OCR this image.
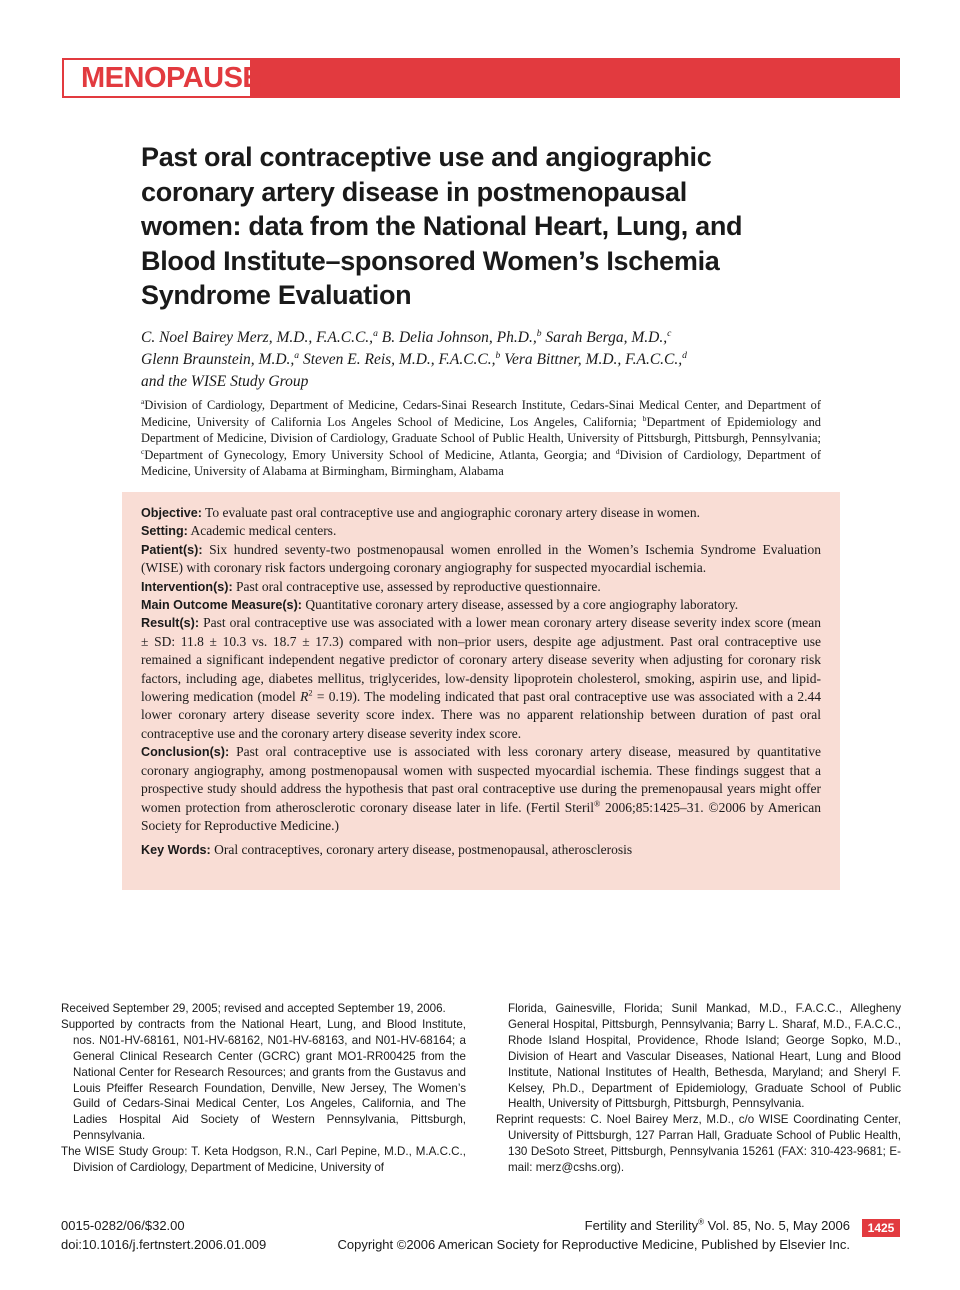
MENOPAUSE
Past oral contraceptive use and angiographic coronary artery disease in postmenopausal women: data from the National Heart, Lung, and Blood Institute–sponsored Women’s Ischemia Syndrome Evaluation
C. Noel Bairey Merz, M.D., F.A.C.C.,$^a$ B. Delia Johnson, Ph.D.,$^b$ Sarah Berga, M.D.,$^c$
Glenn Braunstein, M.D.,$^a$ Steven E. Reis, M.D., F.A.C.C.,$^b$ Vera Bittner, M.D., F.A.C.C.,$^d$
and the WISE Study Group
$^a$Division of Cardiology, Department of Medicine, Cedars-Sinai Research Institute, Cedars-Sinai Medical Center, and Department of Medicine, University of California Los Angeles School of Medicine, Los Angeles, California; $^b$Department of Epidemiology and Department of Medicine, Division of Cardiology, Graduate School of Public Health, University of Pittsburgh, Pittsburgh, Pennsylvania; $^c$Department of Gynecology, Emory University School of Medicine, Atlanta, Georgia; and $^d$Division of Cardiology, Department of Medicine, University of Alabama at Birmingham, Birmingham, Alabama

Objective: To evaluate past oral contraceptive use and angiographic coronary artery disease in women.

Setting: Academic medical centers.

Patient(s): Six hundred seventy-two postmenopausal women enrolled in the Women’s Ischemia Syndrome Evaluation (WISE) with coronary risk factors undergoing coronary angiography for suspected myocardial ischemia.

Intervention(s): Past oral contraceptive use, assessed by reproductive questionnaire.

Main Outcome Measure(s): Quantitative coronary artery disease, assessed by a core angiography laboratory.

Result(s): Past oral contraceptive use was associated with a lower mean coronary artery disease severity index score (mean ± SD: 11.8 ± 10.3 vs. 18.7 ± 17.3) compared with non–prior users, despite age adjustment. Past oral contraceptive use remained a significant independent negative predictor of coronary artery disease severity when adjusting for coronary risk factors, including age, diabetes mellitus, triglycerides, low-density lipoprotein cholesterol, smoking, aspirin use, and lipid-lowering medication (model $R^2 = 0.19$). The modeling indicated that past oral contraceptive use was associated with a 2.44 lower coronary artery disease severity score index. There was no apparent relationship between duration of past oral contraceptive use and the coronary artery disease severity index score.

Conclusion(s): Past oral contraceptive use is associated with less coronary artery disease, measured by quantitative coronary angiography, among postmenopausal women with suspected myocardial ischemia. These findings suggest that a prospective study should address the hypothesis that past oral contraceptive use during the premenopausal years might offer women protection from atherosclerotic coronary disease later in life. (Fertil Steril® 2006;85:1425–31. ©2006 by American Society for Reproductive Medicine.)

Key Words: Oral contraceptives, coronary artery disease, postmenopausal, atherosclerosis

Received September 29, 2005; revised and accepted September 19, 2006.

Supported by contracts from the National Heart, Lung, and Blood Institute, nos. N01-HV-68161, N01-HV-68162, N01-HV-68163, and N01-HV-68164; a General Clinical Research Center (GCRC) grant MO1-RR00425 from the National Center for Research Resources; and grants from the Gustavus and Louis Pfeiffer Research Foundation, Denville, New Jersey, The Women’s Guild of Cedars-Sinai Medical Center, Los Angeles, California, and The Ladies Hospital Aid Society of Western Pennsylvania, Pittsburgh, Pennsylvania.

The WISE Study Group: T. Keta Hodgson, R.N., Carl Pepine, M.D., M.A.C.C., Division of Cardiology, Department of Medicine, University of

Florida, Gainesville, Florida; Sunil Mankad, M.D., F.A.C.C., Allegheny General Hospital, Pittsburgh, Pennsylvania; Barry L. Sharaf, M.D., F.A.C.C., Rhode Island Hospital, Providence, Rhode Island; George Sopko, M.D., Division of Heart and Vascular Diseases, National Heart, Lung and Blood Institute, National Institutes of Health, Bethesda, Maryland; and Sheryl F. Kelsey, Ph.D., Department of Epidemiology, Graduate School of Public Health, University of Pittsburgh, Pittsburgh, Pennsylvania.

Reprint requests: C. Noel Bairey Merz, M.D., c/o WISE Coordinating Center, University of Pittsburgh, 127 Parran Hall, Graduate School of Public Health, 130 DeSoto Street, Pittsburgh, Pennsylvania 15261 (FAX: 310-423-9681; E-mail: merz@cshs.org).

0015-0282/06/$32.00
doi:10.1016/j.fertnstert.2006.01.009
Fertility and Sterility® Vol. 85, No. 5, May 2006
Copyright ©2006 American Society for Reproductive Medicine, Published by Elsevier Inc.
1425
